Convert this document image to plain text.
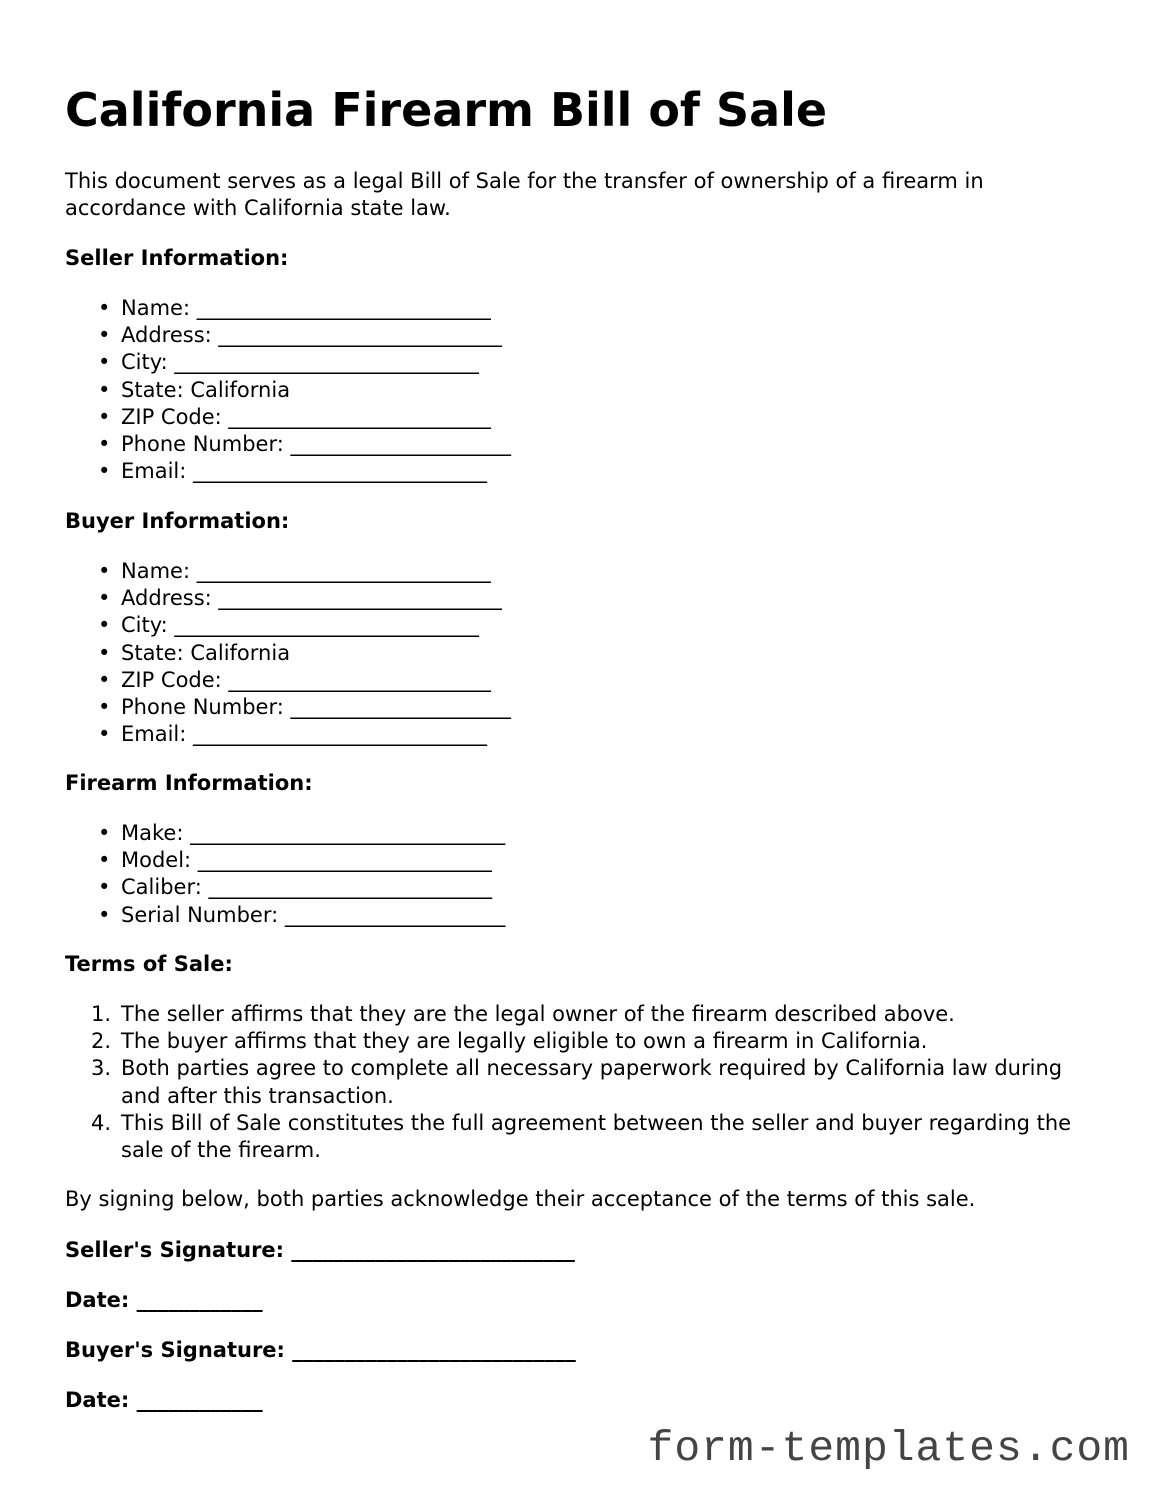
California Firearm Bill of Sale

This document serves as a legal Bill of Sale for the transfer of ownership of a firearm in accordance with California state law.

Seller Information:

• Name: ____________________________
• Address: ___________________________
• City: _____________________________
• State: California
• ZIP Code: _________________________
• Phone Number: _____________________
• Email: ____________________________

Buyer Information:

• Name: ____________________________
• Address: ___________________________
• City: _____________________________
• State: California
• ZIP Code: _________________________
• Phone Number: _____________________
• Email: ____________________________

Firearm Information:

• Make: ______________________________
• Model: ____________________________
• Caliber: ___________________________
• Serial Number: _____________________

Terms of Sale:

1. The seller affirms that they are the legal owner of the firearm described above.
2. The buyer affirms that they are legally eligible to own a firearm in California.
3. Both parties agree to complete all necessary paperwork required by California law during and after this transaction.
4. This Bill of Sale constitutes the full agreement between the seller and buyer regarding the sale of the firearm.

By signing below, both parties acknowledge their acceptance of the terms of this sale.

Seller's Signature: ___________________________

Date: ____________

Buyer's Signature: ___________________________

Date: ____________

form-templates.com
